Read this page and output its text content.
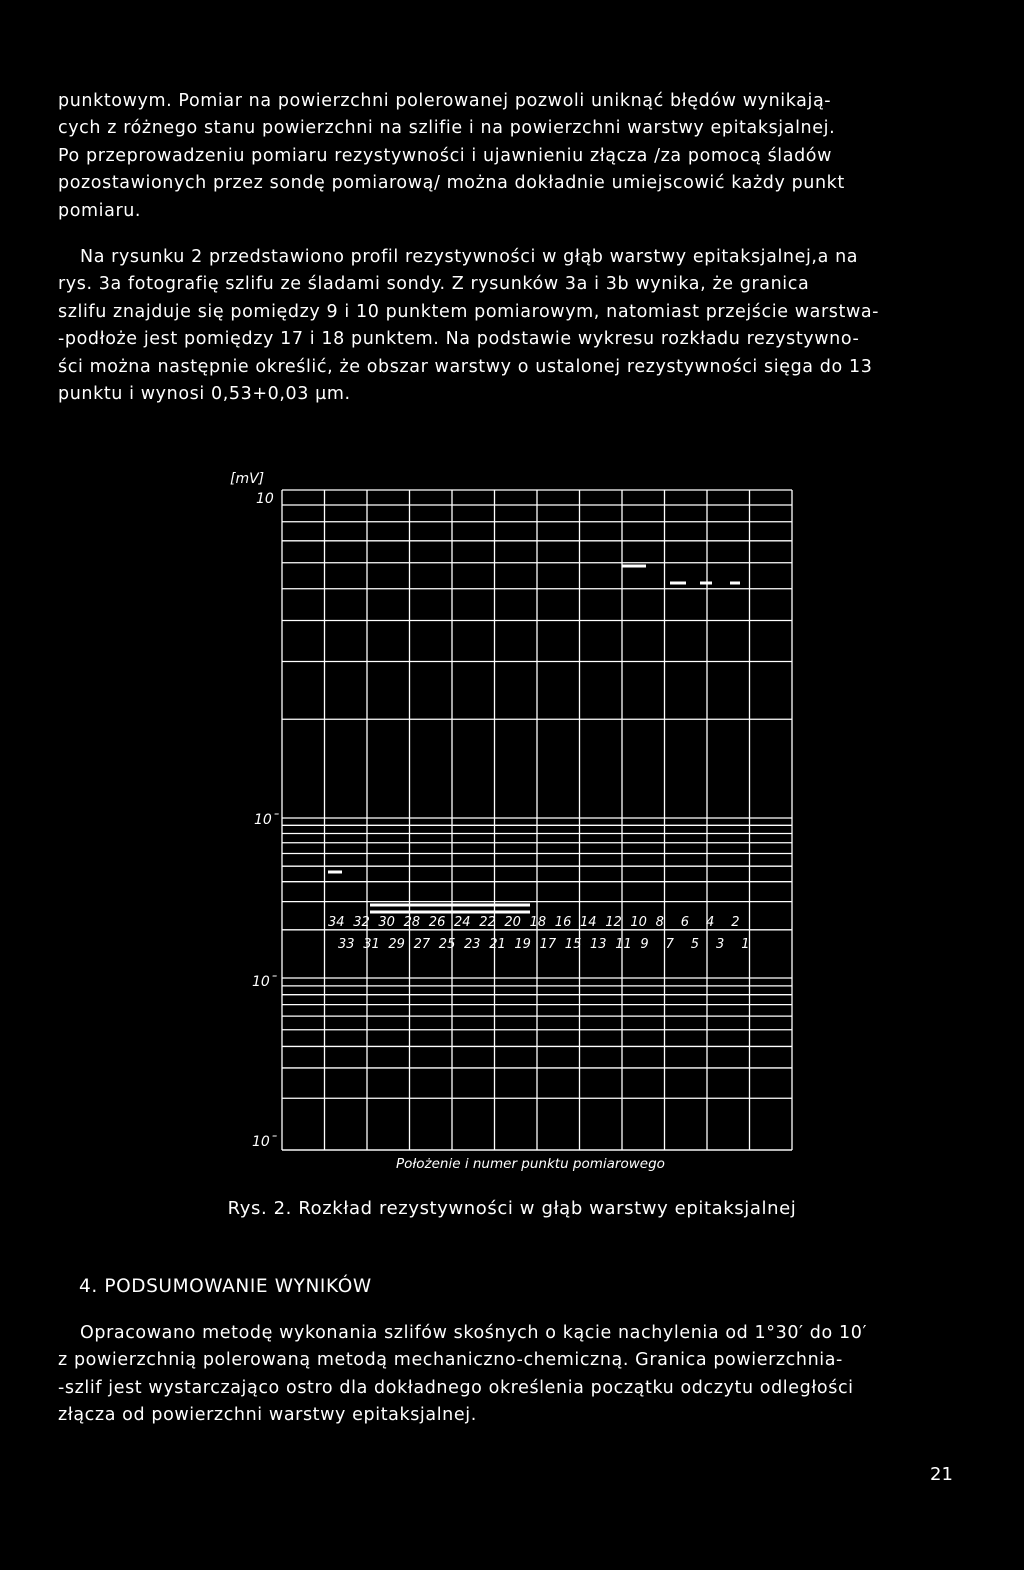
punktowym. Pomiar na powierzchni polerowanej pozwoli uniknąć błędów wynikają-

cych z różnego stanu powierzchni na szlifie i na powierzchni warstwy epitaksjalnej.

Po przeprowadzeniu pomiaru rezystywności i ujawnieniu złącza /za pomocą śladów

pozostawionych przez sondę pomiarową/ można dokładnie umiejscowić każdy punkt

pomiaru.

Na rysunku 2 przedstawiono profil rezystywności w głąb warstwy epitaksjalnej,a na

rys. 3a fotografię szlifu ze śladami sondy. Z rysunków 3a i 3b wynika, że granica

szlifu znajduje się pomiędzy 9 i 10 punktem pomiarowym, natomiast przejście warstwa-

-podłoże jest pomiędzy 17 i 18 punktem. Na podstawie wykresu rozkładu rezystywno-

ści można następnie określić, że obszar warstwy o ustalonej rezystywności sięga do 13

punktu i wynosi 0,53+0,03 µm.

[mV]
10
10¯
10¯
10¯
34 32 30 28 26 24 22 20 18 16 14 12 10 8 6 4 2
33 31 29 27 25 23 21 19 17 15 13 11 9 7 5 3 1
Położenie i numer punktu pomiarowego
Rys. 2. Rozkład rezystywności w głąb warstwy epitaksjalnej
4. PODSUMOWANIE WYNIKÓW

Opracowano metodę wykonania szlifów skośnych o kącie nachylenia od 1°30′ do 10′

z powierzchnią polerowaną metodą mechaniczno-chemiczną. Granica powierzchnia-

-szlif jest wystarczająco ostro dla dokładnego określenia początku odczytu odległości

złącza od powierzchni warstwy epitaksjalnej.

21
